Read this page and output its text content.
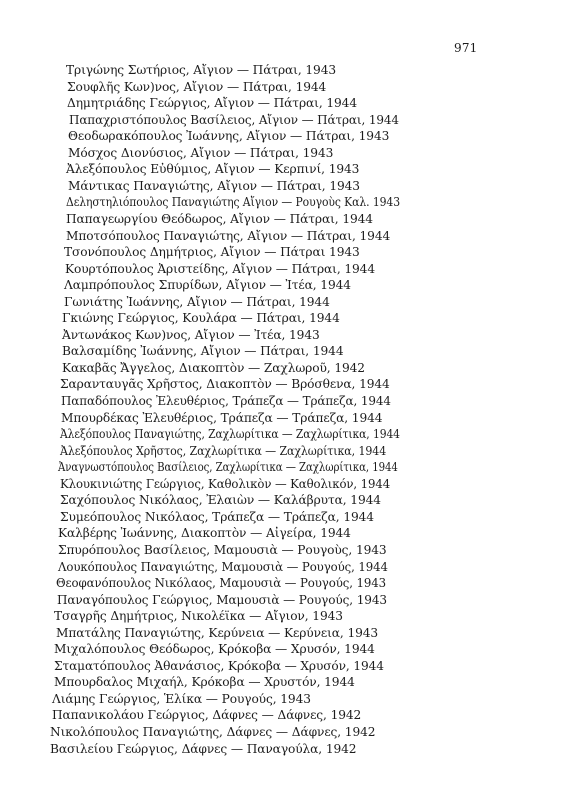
971
Τριγώνης Σωτήριος, Αἴγιον — Πάτραι, 1943
Σουφλῆς Κων)νος, Αἴγιον — Πάτραι, 1944
Δημητριάδης Γεώργιος, Αἴγιον — Πάτραι, 1944
Παπαχριστόπουλος Βασίλειος, Αἴγιον — Πάτραι, 1944
Θεοδωρακόπουλος Ἰωάννης, Αἴγιον — Πάτραι, 1943
Μόσχος Διονύσιος, Αἴγιον — Πάτραι, 1943
Ἀλεξόπουλος Εὐθύμιος, Αἴγιον — Κερπινί, 1943
Μάντικας Παναγιώτης, Αἴγιον — Πάτραι, 1943
Δεληστηλιόπουλος Παναγιώτης Αἴγιον — Ρουγοὺς Καλ. 1943
Παπαγεωργίου Θεόδωρος, Αἴγιον — Πάτραι, 1944
Μποτσόπουλος Παναγιώτης, Αἴγιον — Πάτραι, 1944
Τσονόπουλος Δημήτριος, Αἴγιον — Πάτραι 1943
Κουρτόπουλος Ἀριστείδης, Αἴγιον — Πάτραι, 1944
Λαμπρόπουλος Σπυρίδων, Αἴγιον — Ἰτέα, 1944
Γωνιάτης Ἰωάννης, Αἴγιον — Πάτραι, 1944
Γκιώνης Γεώργιος, Κουλάρα — Πάτραι, 1944
Ἀντωνάκος Κων)νος, Αἴγιον — Ἰτέα, 1943
Βαλσαμίδης Ἰωάννης, Αἴγιον — Πάτραι, 1944
Κακαβᾶς Ἄγγελος, Διακοπτὸν — Ζαχλωροῦ, 1942
Σαρανταυγᾶς Χρῆστος, Διακοπτὸν — Βρόσθενα, 1944
Παπαδόπουλος Ἐλευθέριος, Τράπεζα — Τράπεζα, 1944
Μπουρδέκας Ἐλευθέριος, Τράπεζα — Τράπεζα, 1944
Ἀλεξόπουλος Παναγιώτης, Ζαχλωρίτικα — Ζαχλωρίτικα, 1944
Ἀλεξόπουλος Χρῆστος, Ζαχλωρίτικα — Ζαχλωρίτικα, 1944
Ἀναγνωστόπουλος Βασίλειος, Ζαχλωρίτικα — Ζαχλωρίτικα, 1944
Κλουκινιώτης Γεώργιος, Καθολικὸν — Καθολικόν, 1944
Σαχόπουλος Νικόλαος, Ἐλαιὼν — Καλάβρυτα, 1944
Συμεόπουλος Νικόλαος, Τράπεζα — Τράπεζα, 1944
Καλβέρης Ἰωάννης, Διακοπτὸν — Αἰγείρα, 1944
Σπυρόπουλος Βασίλειος, Μαμουσιὰ — Ρουγοὺς, 1943
Λουκόπουλος Παναγιώτης, Μαμουσιὰ — Ρουγούς, 1944
Θεοφανόπουλος Νικόλαος, Μαμουσιὰ — Ρουγούς, 1943
Παναγόπουλος Γεώργιος, Μαμουσιὰ — Ρουγούς, 1943
Τσαγρῆς Δημήτριος, Νικολέϊκα — Αἴγιον, 1943
Μπατάλης Παναγιώτης, Κερύνεια — Κερύνεια, 1943
Μιχαλόπουλος Θεόδωρος, Κρόκοβα — Χρυσόν, 1944
Σταματόπουλος Ἀθανάσιος, Κρόκοβα — Χρυσόν, 1944
Μπουρδαλος Μιχαήλ, Κρόκοβα — Χρυστόν, 1944
Λιάμης Γεώργιος, Ἑλίκα — Ρουγούς, 1943
Παπανικολάου Γεώργιος, Δάφνες — Δάφνες, 1942
Νικολόπουλος Παναγιώτης, Δάφνες — Δάφνες, 1942
Βασιλείου Γεώργιος, Δάφνες — Παναγούλα, 1942
